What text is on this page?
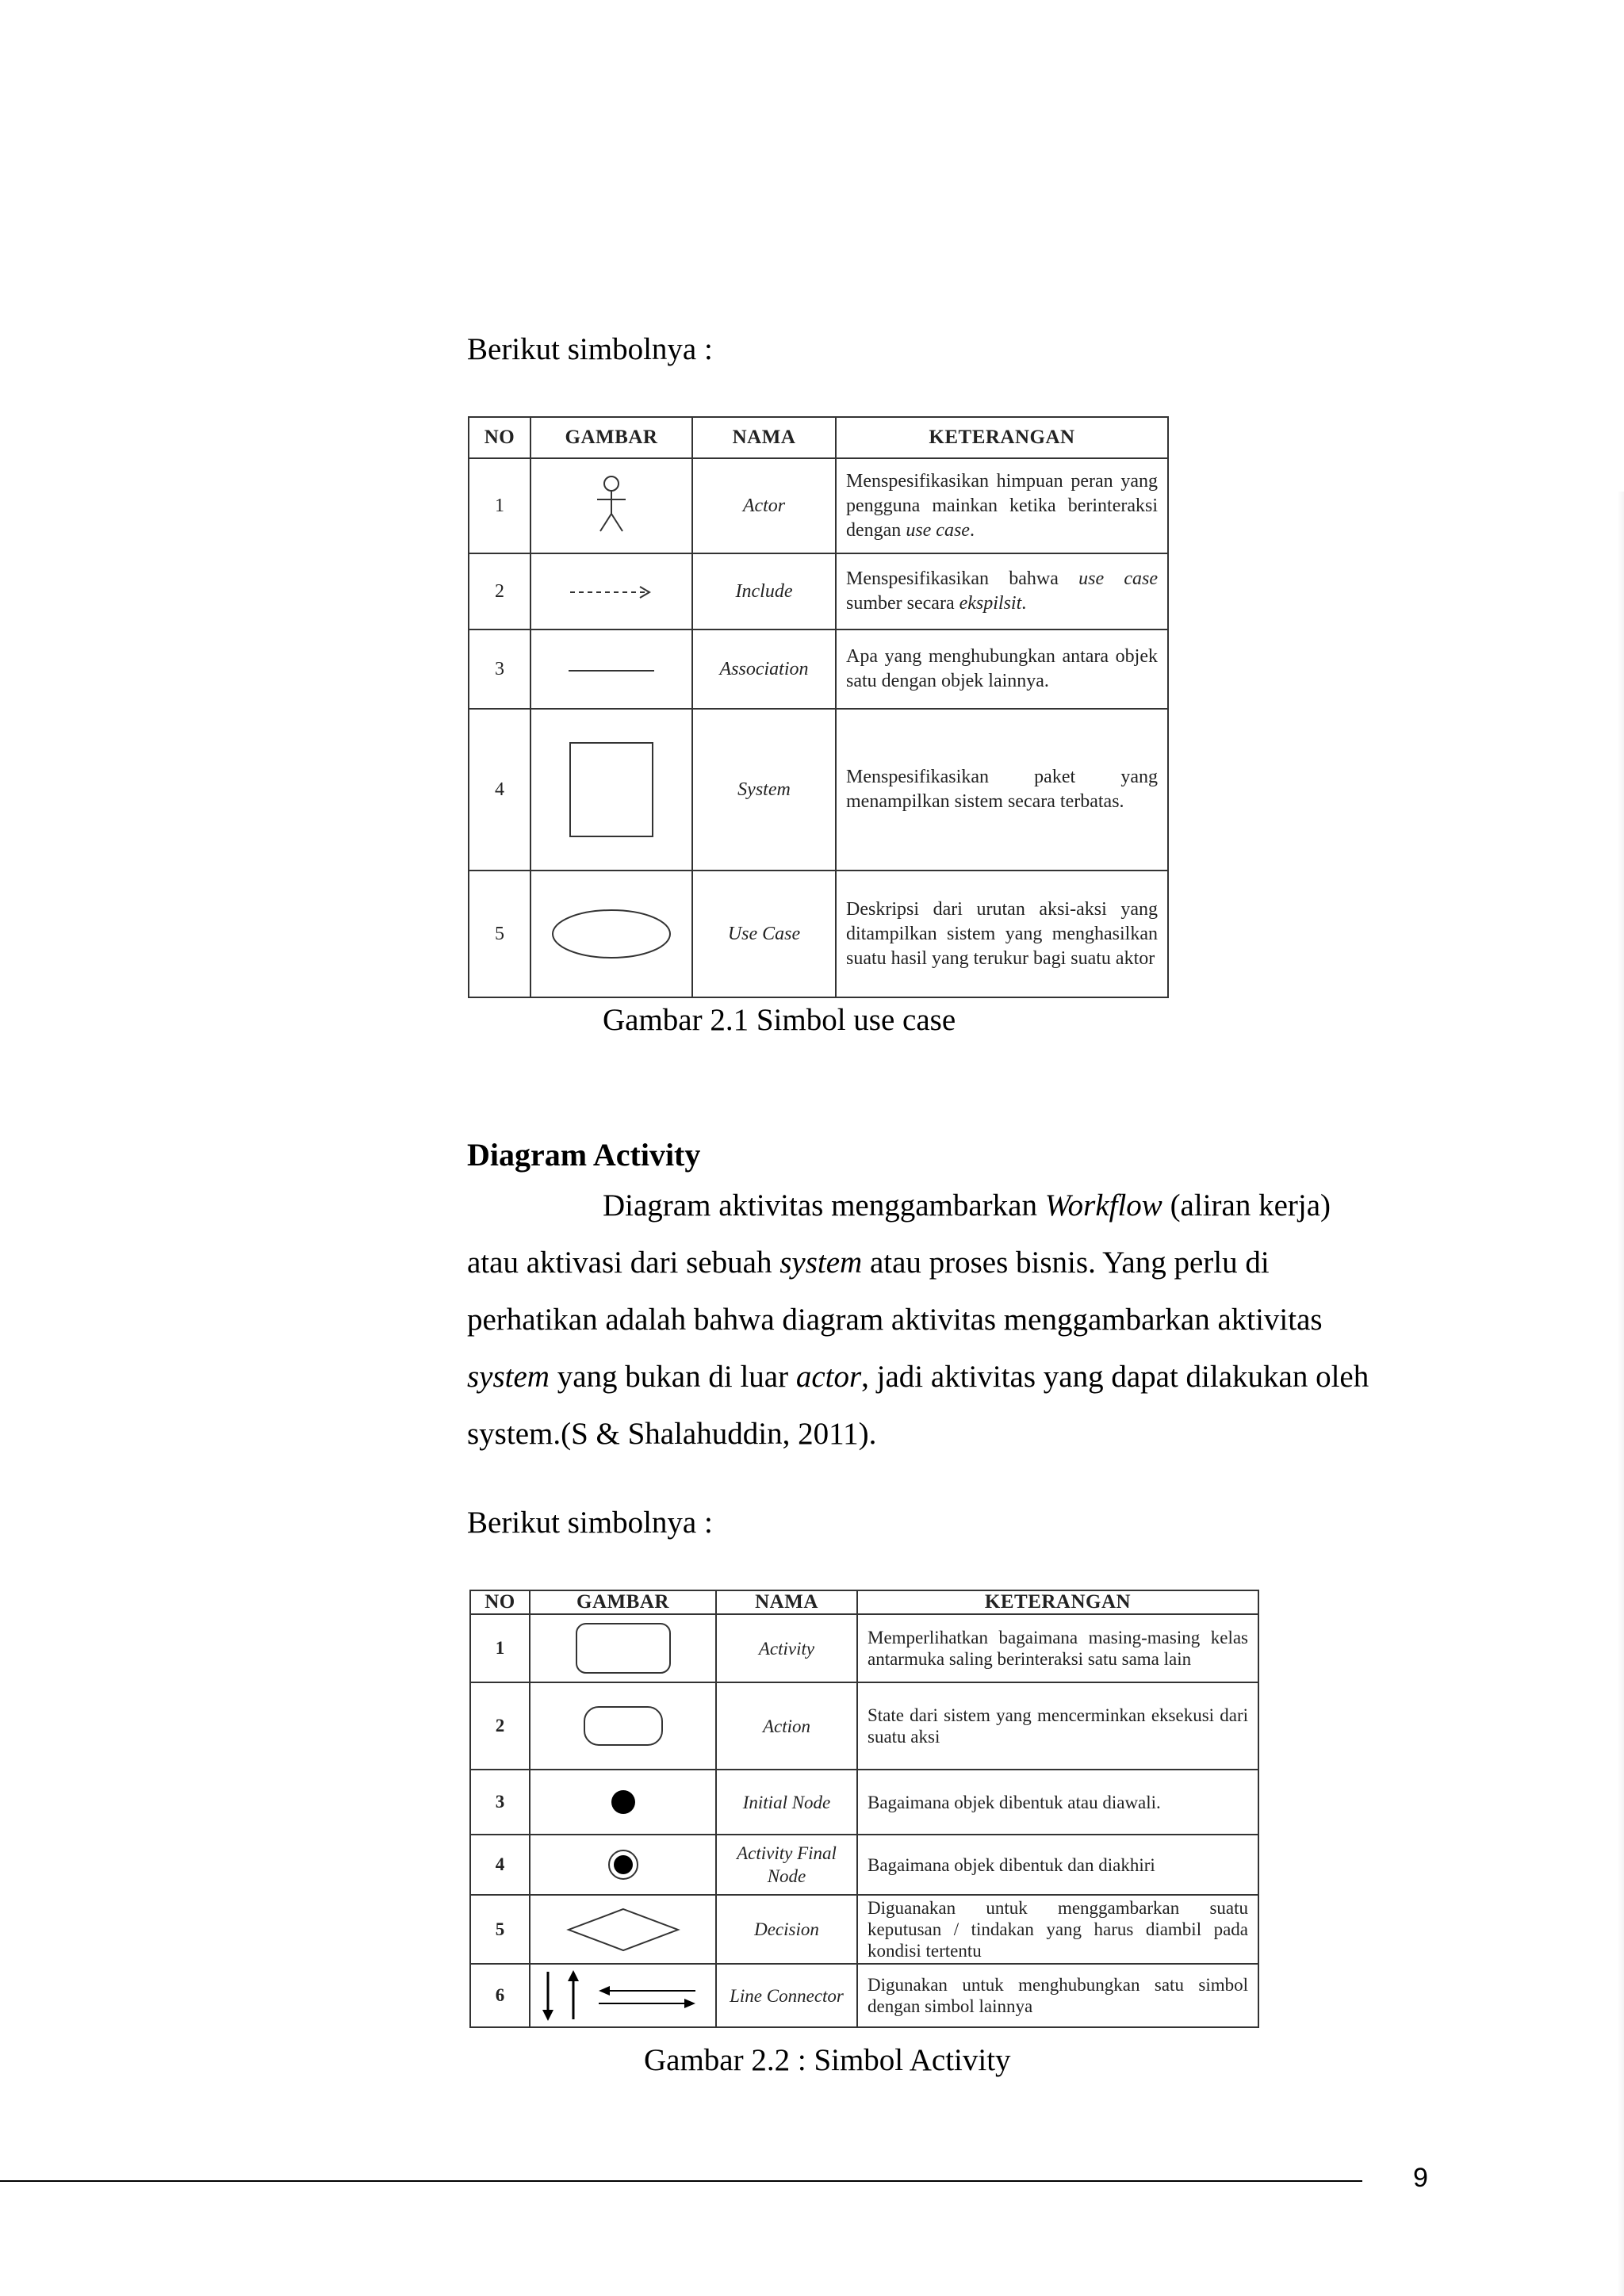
Berikut simbolnya :
NO	GAMBAR	NAMA	KETERANGAN
1		Actor	Menspesifikasikan himpuan peran yang pengguna mainkan ketika berinteraksi dengan use case.
2		Include	Menspesifikasikan bahwa use case sumber secara ekspilsit.
3		Association	Apa yang menghubungkan antara objek satu dengan objek lainnya.
4		System	Menspesifikasikan paket yang menampilkan sistem secara terbatas.
5		Use Case	Deskripsi dari urutan aksi-aksi yang ditampilkan sistem yang menghasilkan suatu hasil yang terukur bagi suatu aktor
Gambar 2.1 Simbol use case
Diagram Activity
Diagram aktivitas menggambarkan Workflow (aliran kerja)
atau aktivasi dari sebuah system atau proses bisnis. Yang perlu di
perhatikan adalah bahwa diagram aktivitas menggambarkan aktivitas
system yang bukan di luar actor, jadi aktivitas yang dapat dilakukan oleh
system.(S & Shalahuddin, 2011).
Berikut simbolnya :
NO	GAMBAR	NAMA	KETERANGAN
1		Activity	Memperlihatkan bagaimana masing-masing kelas antarmuka saling berinteraksi satu sama lain
2		Action	State dari sistem yang mencerminkan eksekusi dari suatu aksi
3		Initial Node	Bagaimana objek dibentuk atau diawali.
4		Activity Final Node	Bagaimana objek dibentuk dan diakhiri
5		Decision	Diguanakan untuk menggambarkan suatu keputusan / tindakan yang harus diambil pada kondisi tertentu
6		Line Connector	Digunakan untuk menghubungkan satu simbol dengan simbol lainnya
Gambar 2.2 : Simbol Activity
9
